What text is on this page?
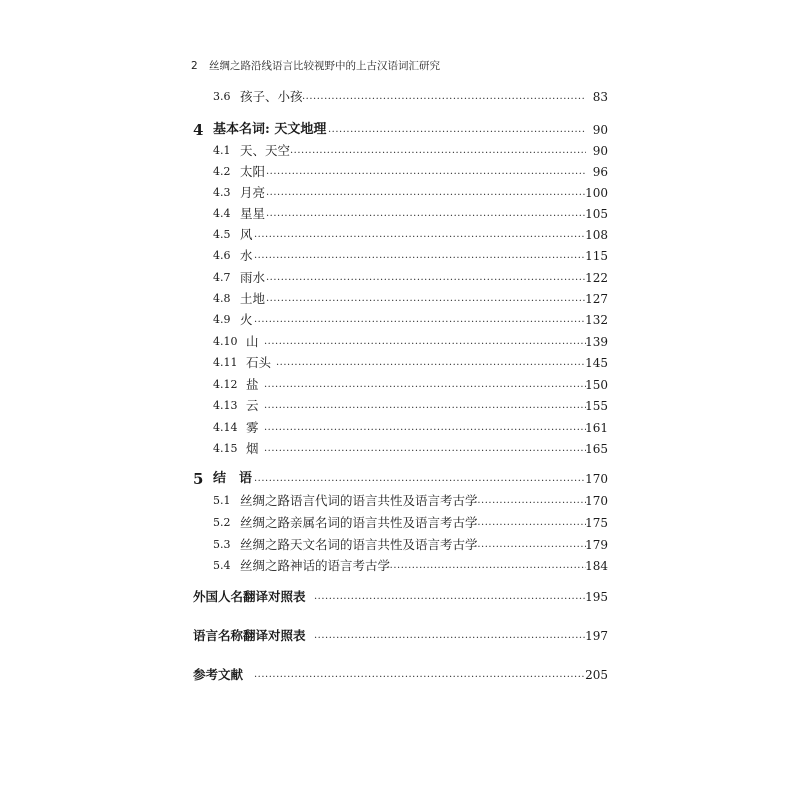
2 丝绸之路沿线语言比较视野中的上古汉语词汇研究
3.6 孩子、小孩 ·····	83
4 基本名词: 天文地理 ·····	90
4.1 天、天空 ·····	90
4.2 太阳 ·····	96
4.3 月亮 ·····	100
4.4 星星 ·····	105
4.5 风 ·····	108
4.6 水 ·····	115
4.7 雨水 ·····	122
4.8 土地 ·····	127
4.9 火 ·····	132
4.10 山 ·····	139
4.11 石头 ·····	145
4.12 盐 ·····	150
4.13 云 ·····	155
4.14 雾 ·····	161
4.15 烟 ·····	165
5 结　语 ·····	170
5.1 丝绸之路语言代词的语言共性及语言考古学 ·····	170
5.2 丝绸之路亲属名词的语言共性及语言考古学 ·····	175
5.3 丝绸之路天文名词的语言共性及语言考古学 ·····	179
5.4 丝绸之路神话的语言考古学 ·····	184
外国人名翻译对照表 ·····	195
语言名称翻译对照表 ·····	197
参考文献 ·····	205
